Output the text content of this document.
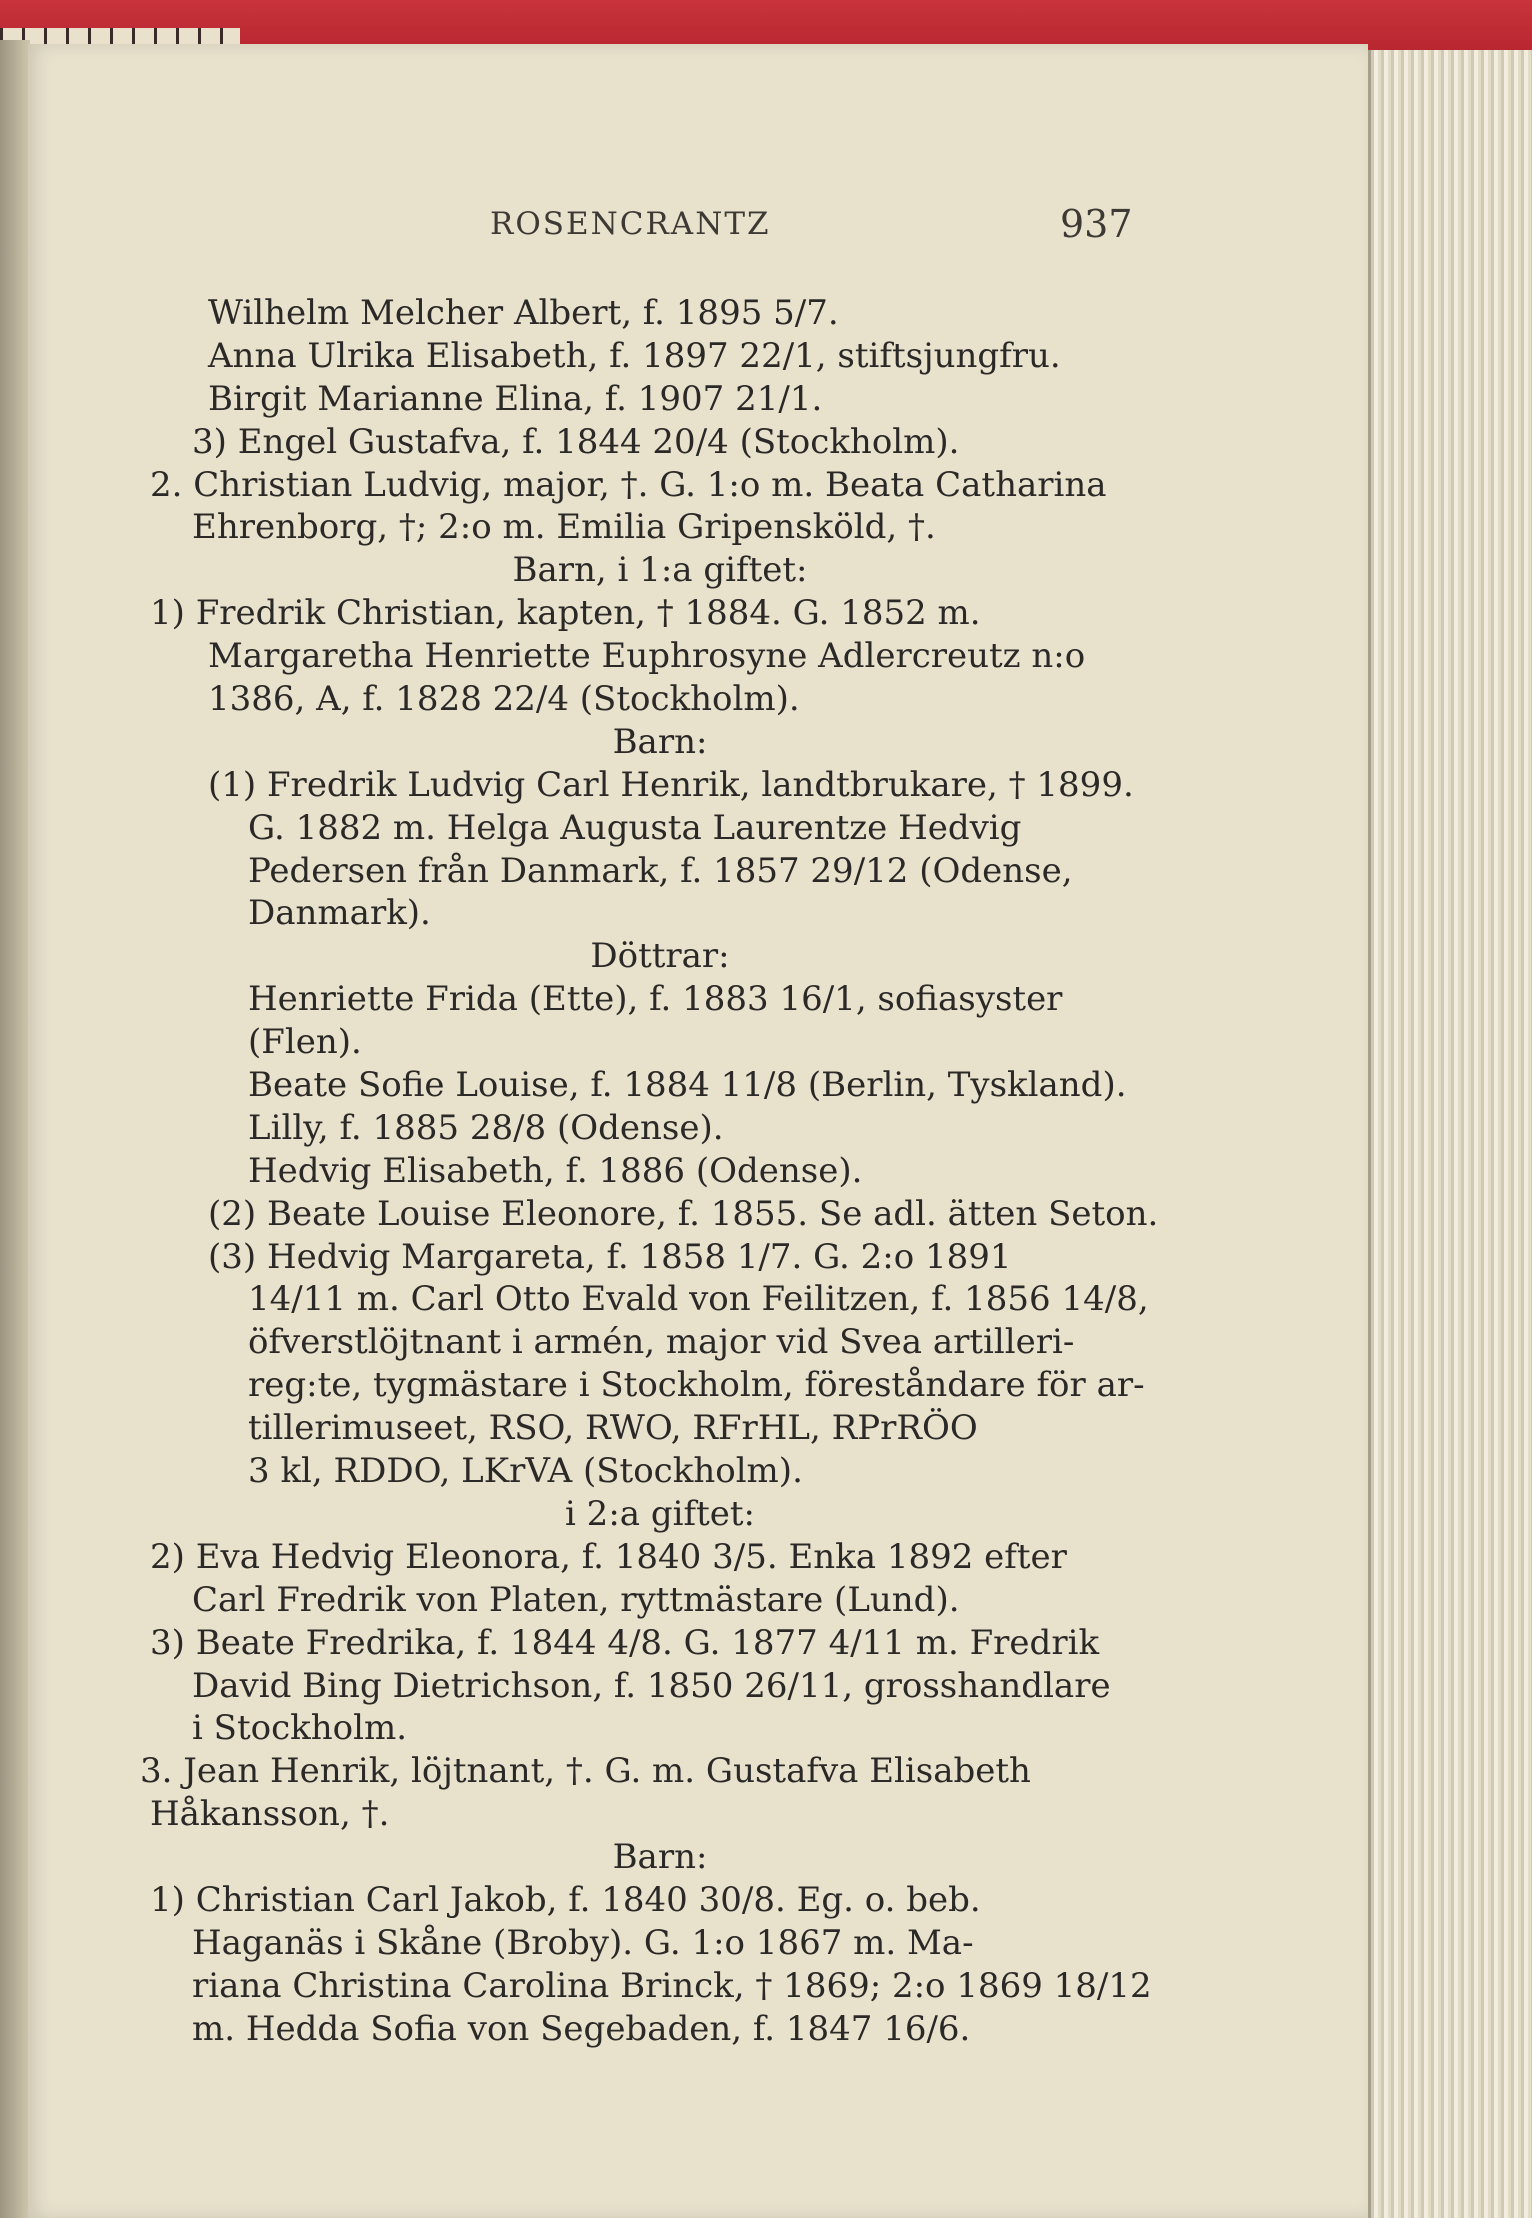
ROSENCRANTZ	937
Wilhelm Melcher Albert, f. 1895 5/7.
Anna Ulrika Elisabeth, f. 1897 22/1, stiftsjungfru.
Birgit Marianne Elina, f. 1907 21/1.
3) Engel Gustafva, f. 1844 20/4 (Stockholm).
2. Christian Ludvig, major, †. G. 1:o m. Beata Catharina
Ehrenborg, †; 2:o m. Emilia Gripensköld, †.
Barn, i 1:a giftet:
1) Fredrik Christian, kapten, † 1884. G. 1852 m.
Margaretha Henriette Euphrosyne Adlercreutz n:o
1386, A, f. 1828 22/4 (Stockholm).
Barn:
(1) Fredrik Ludvig Carl Henrik, landtbrukare, † 1899.
G. 1882 m. Helga Augusta Laurentze Hedvig
Pedersen från Danmark, f. 1857 29/12 (Odense,
Danmark).
Döttrar:
Henriette Frida (Ette), f. 1883 16/1, sofiasyster
(Flen).
Beate Sofie Louise, f. 1884 11/8 (Berlin, Tyskland).
Lilly, f. 1885 28/8 (Odense).
Hedvig Elisabeth, f. 1886 (Odense).
(2) Beate Louise Eleonore, f. 1855. Se adl. ätten Seton.
(3) Hedvig Margareta, f. 1858 1/7. G. 2:o 1891
14/11 m. Carl Otto Evald von Feilitzen, f. 1856 14/8,
öfverstlöjtnant i armén, major vid Svea artilleri-
reg:te, tygmästare i Stockholm, föreståndare för ar-
tillerimuseet, RSO, RWO, RFrHL, RPrRÖO
3 kl, RDDO, LKrVA (Stockholm).
i 2:a giftet:
2) Eva Hedvig Eleonora, f. 1840 3/5. Enka 1892 efter
Carl Fredrik von Platen, ryttmästare (Lund).
3) Beate Fredrika, f. 1844 4/8. G. 1877 4/11 m. Fredrik
David Bing Dietrichson, f. 1850 26/11, grosshandlare
i Stockholm.
3. Jean Henrik, löjtnant, †. G. m. Gustafva Elisabeth
Håkansson, †.
Barn:
1) Christian Carl Jakob, f. 1840 30/8. Eg. o. beb.
Haganäs i Skåne (Broby). G. 1:o 1867 m. Ma-
riana Christina Carolina Brinck, † 1869; 2:o 1869 18/12
m. Hedda Sofia von Segebaden, f. 1847 16/6.
